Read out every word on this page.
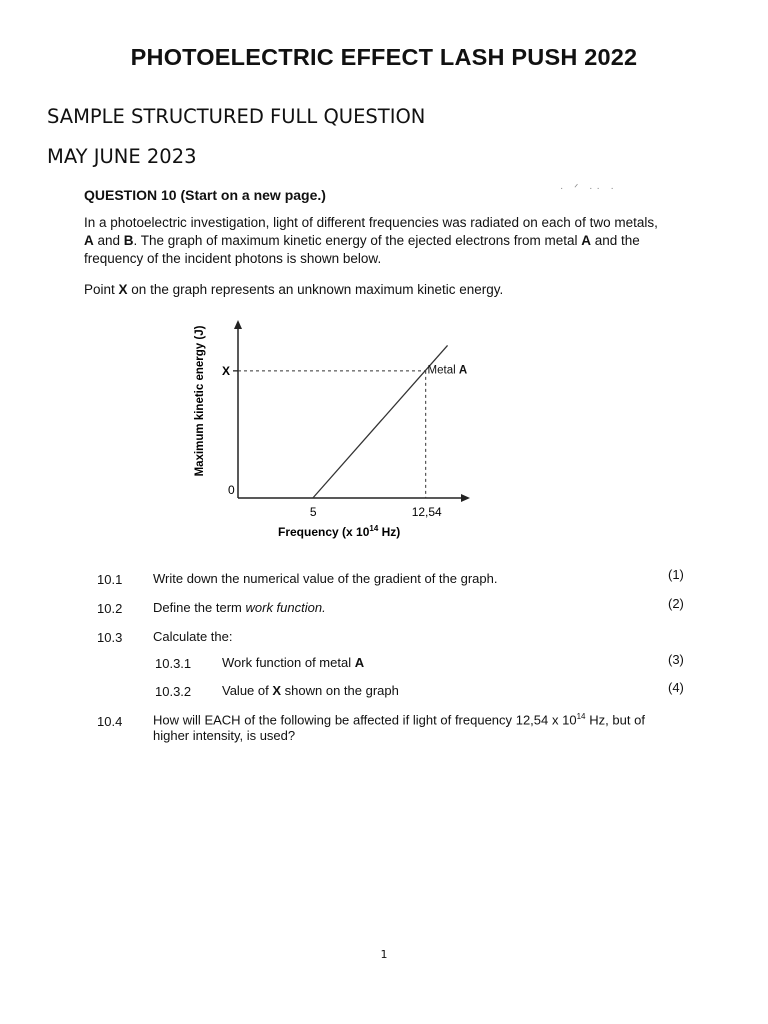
PHOTOELECTRIC EFFECT LASH PUSH 2022
SAMPLE STRUCTURED FULL QUESTION
MAY JUNE 2023
· ᐟ ·· ·
QUESTION 10 (Start on a new page.)
In a photoelectric investigation, light of different frequencies was radiated on each of two metals, A and B. The graph of maximum kinetic energy of the ejected electrons from metal A and the frequency of the incident photons is shown below.
Point X on the graph represents an unknown maximum kinetic energy.
Metal A
5	12,54
X
0
Frequency (x $10^{14}$ Hz)
Maximum kinetic energy (J)
10.1 Write down the numerical value of the gradient of the graph.	(1)
10.2 Define the term work function.	(2)
10.3 Calculate the:
10.3.1 Work function of metal A	(3)
10.3.2 Value of X shown on the graph	(4)
10.4 How will EACH of the following be affected if light of frequency 12,54 x $10^{14}$ Hz, but of higher intensity, is used?
1
